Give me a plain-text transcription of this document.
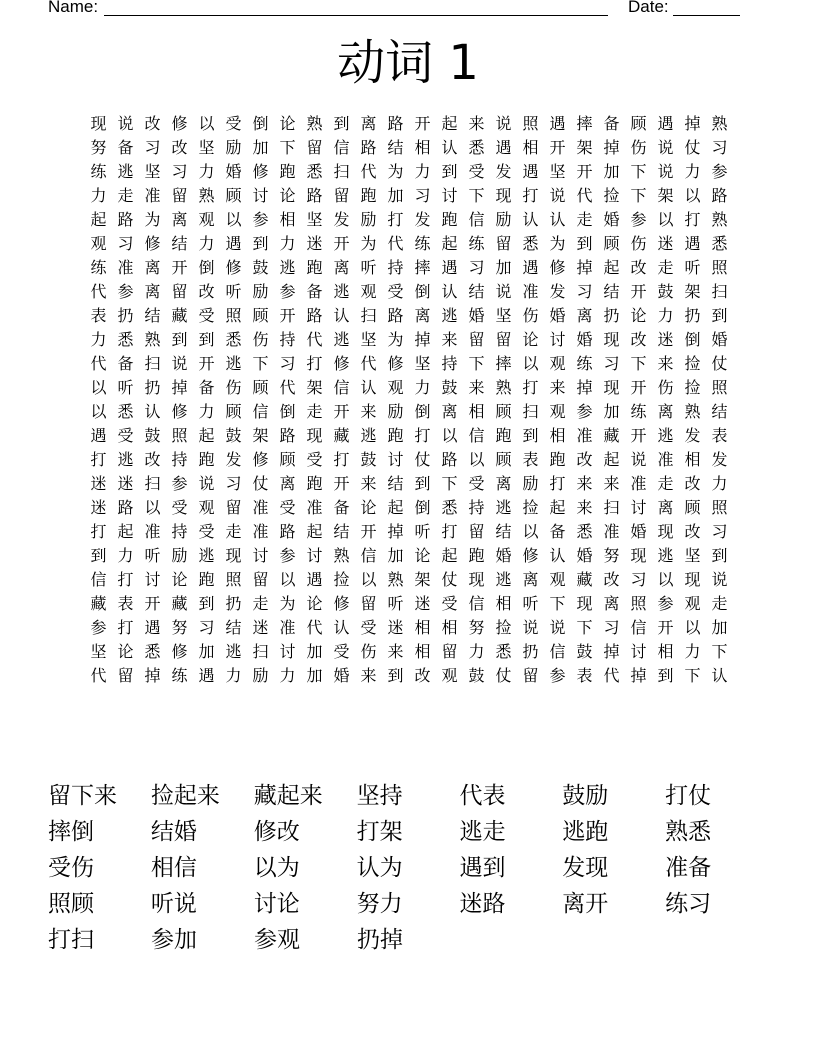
Name:	Date:
动词 1
现 说 改 修 以 受 倒 论 熟 到 离 路 开 起 来 说 照 遇 摔 备 顾 遇 掉 熟
努 备 习 改 坚 励 加 下 留 信 路 结 相 认 悉 遇 相 开 架 掉 伤 说 仗 习
练 逃 坚 习 力 婚 修 跑 悉 扫 代 为 力 到 受 发 遇 坚 开 加 下 说 力 参
力 走 准 留 熟 顾 讨 论 路 留 跑 加 习 讨 下 现 打 说 代 捡 下 架 以 路
起 路 为 离 观 以 参 相 坚 发 励 打 发 跑 信 励 认 认 走 婚 参 以 打 熟
观 习 修 结 力 遇 到 力 迷 开 为 代 练 起 练 留 悉 为 到 顾 伤 迷 遇 悉
练 准 离 开 倒 修 鼓 逃 跑 离 听 持 摔 遇 习 加 遇 修 掉 起 改 走 听 照
代 参 离 留 改 听 励 参 备 逃 观 受 倒 认 结 说 准 发 习 结 开 鼓 架 扫
表 扔 结 藏 受 照 顾 开 路 认 扫 路 离 逃 婚 坚 伤 婚 离 扔 论 力 扔 到
力 悉 熟 到 到 悉 伤 持 代 逃 坚 为 掉 来 留 留 论 讨 婚 现 改 迷 倒 婚
代 备 扫 说 开 逃 下 习 打 修 代 修 坚 持 下 摔 以 观 练 习 下 来 捡 仗
以 听 扔 掉 备 伤 顾 代 架 信 认 观 力 鼓 来 熟 打 来 掉 现 开 伤 捡 照
以 悉 认 修 力 顾 信 倒 走 开 来 励 倒 离 相 顾 扫 观 参 加 练 离 熟 结
遇 受 鼓 照 起 鼓 架 路 现 藏 逃 跑 打 以 信 跑 到 相 准 藏 开 逃 发 表
打 逃 改 持 跑 发 修 顾 受 打 鼓 讨 仗 路 以 顾 表 跑 改 起 说 准 相 发
迷 迷 扫 参 说 习 仗 离 跑 开 来 结 到 下 受 离 励 打 来 来 准 走 改 力
迷 路 以 受 观 留 准 受 准 备 论 起 倒 悉 持 逃 捡 起 来 扫 讨 离 顾 照
打 起 准 持 受 走 准 路 起 结 开 掉 听 打 留 结 以 备 悉 准 婚 现 改 习
到 力 听 励 逃 现 讨 参 讨 熟 信 加 论 起 跑 婚 修 认 婚 努 现 逃 坚 到
信 打 讨 论 跑 照 留 以 遇 捡 以 熟 架 仗 现 逃 离 观 藏 改 习 以 现 说
藏 表 开 藏 到 扔 走 为 论 修 留 听 迷 受 信 相 听 下 现 离 照 参 观 走
参 打 遇 努 习 结 迷 准 代 认 受 迷 相 相 努 捡 说 说 下 习 信 开 以 加
坚 论 悉 修 加 逃 扫 讨 加 受 伤 来 相 留 力 悉 扔 信 鼓 掉 讨 相 力 下
代 留 掉 练 遇 力 励 力 加 婚 来 到 改 观 鼓 仗 留 参 表 代 掉 到 下 认
留下来	捡起来	藏起来	坚持	代表	鼓励	打仗
摔倒	结婚	修改	打架	逃走	逃跑	熟悉
受伤	相信	以为	认为	遇到	发现	准备
照顾	听说	讨论	努力	迷路	离开	练习
打扫	参加	参观	扔掉
